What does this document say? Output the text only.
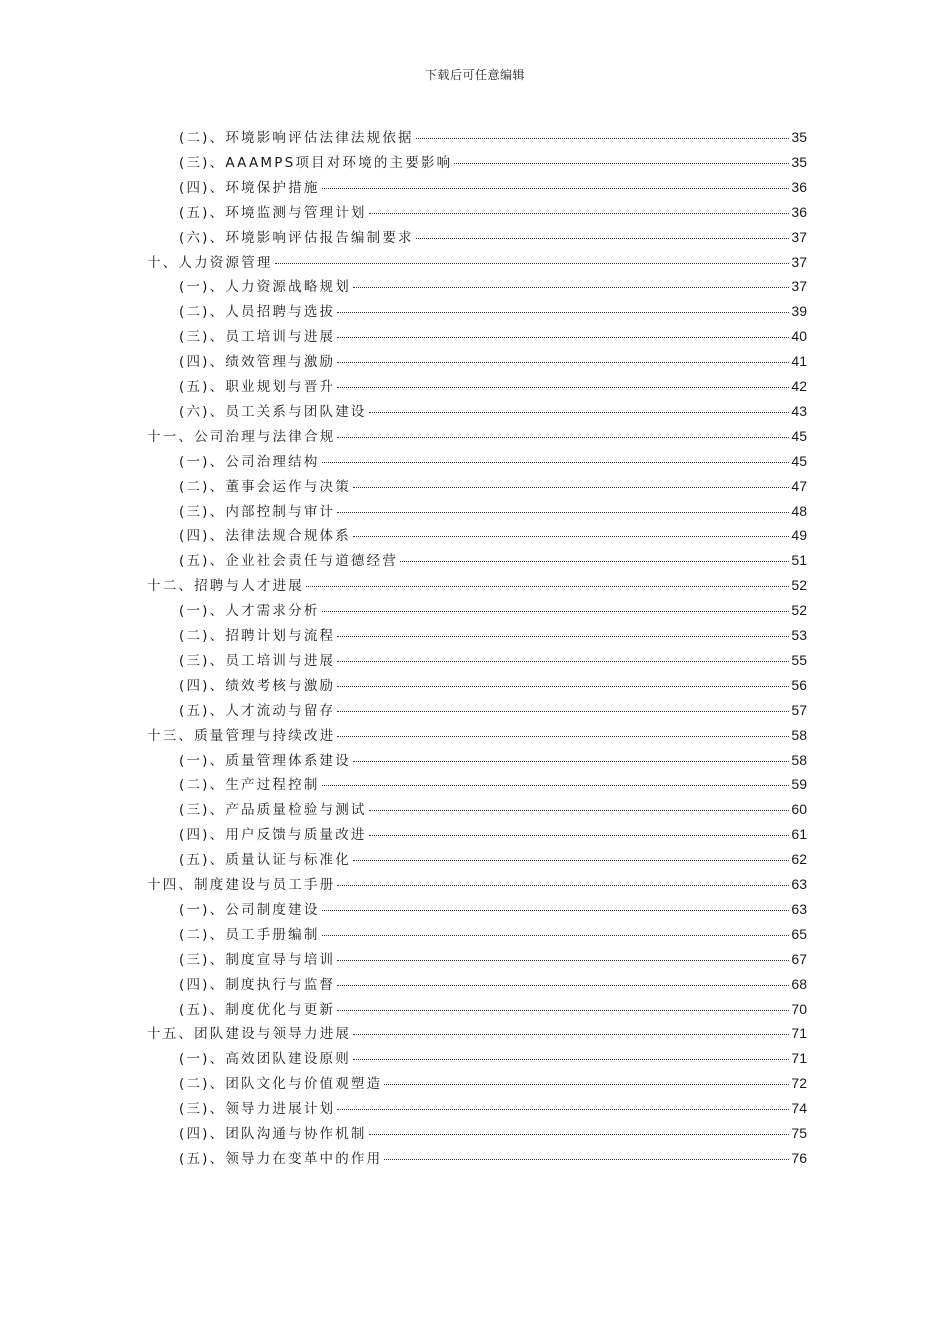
下载后可任意编辑
(二)、环境影响评估法律法规依据	35
(三)、AAAMPS项目对环境的主要影响	35
(四)、环境保护措施	36
(五)、环境监测与管理计划	36
(六)、环境影响评估报告编制要求	37
十、人力资源管理	37
(一)、人力资源战略规划	37
(二)、人员招聘与选拔	39
(三)、员工培训与进展	40
(四)、绩效管理与激励	41
(五)、职业规划与晋升	42
(六)、员工关系与团队建设	43
十一、公司治理与法律合规	45
(一)、公司治理结构	45
(二)、董事会运作与决策	47
(三)、内部控制与审计	48
(四)、法律法规合规体系	49
(五)、企业社会责任与道德经营	51
十二、招聘与人才进展	52
(一)、人才需求分析	52
(二)、招聘计划与流程	53
(三)、员工培训与进展	55
(四)、绩效考核与激励	56
(五)、人才流动与留存	57
十三、质量管理与持续改进	58
(一)、质量管理体系建设	58
(二)、生产过程控制	59
(三)、产品质量检验与测试	60
(四)、用户反馈与质量改进	61
(五)、质量认证与标准化	62
十四、制度建设与员工手册	63
(一)、公司制度建设	63
(二)、员工手册编制	65
(三)、制度宣导与培训	67
(四)、制度执行与监督	68
(五)、制度优化与更新	70
十五、团队建设与领导力进展	71
(一)、高效团队建设原则	71
(二)、团队文化与价值观塑造	72
(三)、领导力进展计划	74
(四)、团队沟通与协作机制	75
(五)、领导力在变革中的作用	76
